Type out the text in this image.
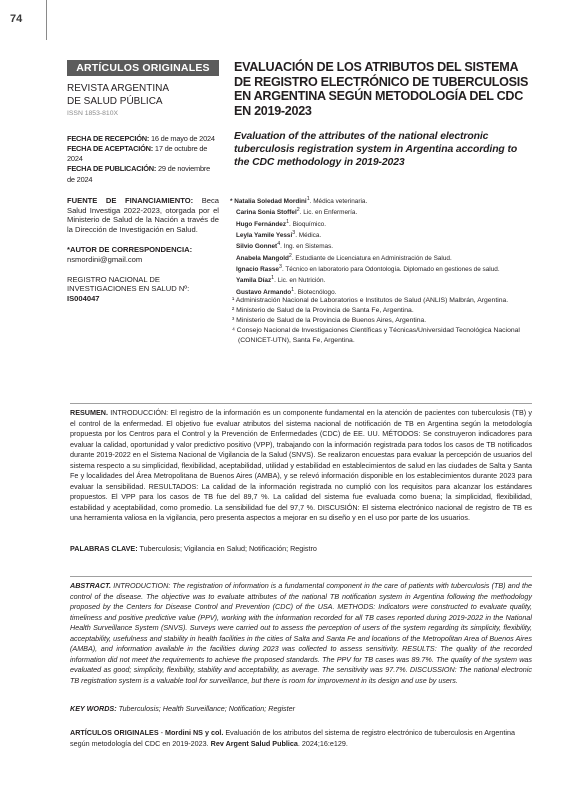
74
ARTÍCULOS ORIGINALES
REVISTA ARGENTINA
DE SALUD PÚBLICA
ISSN 1853-810X
FECHA DE RECEPCIÓN: 16 de mayo de 2024
FECHA DE ACEPTACIÓN: 17 de octubre de 2024
FECHA DE PUBLICACIÓN: 29 de noviembre de 2024
FUENTE DE FINANCIAMIENTO: Beca Salud Investiga 2022-2023, otorgada por el Ministerio de Salud de la Nación a través de la Dirección de Investigación en Salud.
*AUTOR DE CORRESPONDENCIA:
nsmordini@gmail.com
REGISTRO NACIONAL DE INVESTIGACIONES EN SALUD Nº: IS004047
EVALUACIÓN DE LOS ATRIBUTOS DEL SISTEMA DE REGISTRO ELECTRÓNICO DE TUBERCULOSIS EN ARGENTINA SEGÚN METODOLOGÍA DEL CDC EN 2019-2023
Evaluation of the attributes of the national electronic tuberculosis registration system in Argentina according to the CDC methodology in 2019-2023
* Natalia Soledad Mordini$^1$. Médica veterinaria.
Carina Sonia Stoffel$^2$. Lic. en Enfermería.
Hugo Fernández$^1$. Bioquímico.
Leyla Yamile Yessi$^3$. Médica.
Silvio Gonnet$^4$. Ing. en Sistemas.
Anabela Mangold$^2$. Estudiante de Licenciatura en Administración de Salud.
Ignacio Rasse$^3$. Técnico en laboratorio para Odontología. Diplomado en gestiones de salud.
Yamila Díaz$^1$. Lic. en Nutrición.
Gustavo Armando$^1$. Biotecnólogo.
¹ Administración Nacional de Laboratorios e Institutos de Salud (ANLIS) Malbrán, Argentina.
² Ministerio de Salud de la Provincia de Santa Fe, Argentina.
³ Ministerio de Salud de la Provincia de Buenos Aires, Argentina.
⁴ Consejo Nacional de Investigaciones Científicas y Técnicas/Universidad Tecnológica Nacional (CONICET-UTN), Santa Fe, Argentina.
RESUMEN. INTRODUCCIÓN: El registro de la información es un componente fundamental en la atención de pacientes con tuberculosis (TB) y el control de la enfermedad. El objetivo fue evaluar atributos del sistema nacional de notificación de TB en Argentina según la metodología propuesta por los Centros para el Control y la Prevención de Enfermedades (CDC) de EE. UU. MÉTODOS: Se construyeron indicadores para evaluar la calidad, oportunidad y valor predictivo positivo (VPP), trabajando con la información registrada para todos los casos de TB notificados durante 2019-2022 en el Sistema Nacional de Vigilancia de la Salud (SNVS). Se realizaron encuestas para evaluar la percepción de usuarios del sistema respecto a su simplicidad, flexibilidad, aceptabilidad, utilidad y estabilidad en establecimientos de salud en las ciudades de Salta y Santa Fe y localidades del Área Metropolitana de Buenos Aires (AMBA), y se relevó información disponible en los establecimientos durante 2023 para evaluar la sensibilidad. RESULTADOS: La calidad de la información registrada no cumplió con los requisitos para alcanzar los estándares propuestos. El VPP para los casos de TB fue del 89,7 %. La calidad del sistema fue evaluada como buena; la simplicidad, flexibilidad, estabilidad y aceptabilidad, como promedio. La sensibilidad fue del 97,7 %. DISCUSIÓN: El sistema electrónico nacional de registro de TB es una herramienta valiosa en la vigilancia, pero presenta aspectos a mejorar en su diseño y en el uso por parte de los usuarios.
PALABRAS CLAVE: Tuberculosis; Vigilancia en Salud; Notificación; Registro
ABSTRACT. INTRODUCTION: The registration of information is a fundamental component in the care of patients with tuberculosis (TB) and the control of the disease. The objective was to evaluate attributes of the national TB notification system in Argentina following the methodology proposed by the Centers for Disease Control and Prevention (CDC) of the USA. METHODS: Indicators were constructed to evaluate quality, timeliness and positive predictive value (PPV), working with the information recorded for all TB cases reported during 2019-2022 in the National Health Surveillance System (SNVS). Surveys were carried out to assess the perception of users of the system regarding its simplicity, flexibility, acceptability, usefulness and stability in health facilities in the cities of Salta and Santa Fe and locations of the Metropolitan Area of Buenos Aires (AMBA), and information available in the facilities during 2023 was collected to assess sensitivity. RESULTS: The quality of the recorded information did not meet the requirements to achieve the proposed standards. The PPV for TB cases was 89.7%. The quality of the system was evaluated as good; simplicity, flexibility, stability and acceptability, as average. The sensitivity was 97.7%. DISCUSSION: The national electronic TB registration system is a valuable tool for surveillance, but there is room for improvement in its design and use by users.
KEY WORDS: Tuberculosis; Health Surveillance; Notification; Register
ARTÍCULOS ORIGINALES - Mordini NS y col. Evaluación de los atributos del sistema de registro electrónico de tuberculosis en Argentina según metodología del CDC en 2019-2023. Rev Argent Salud Publica. 2024;16:e129.
